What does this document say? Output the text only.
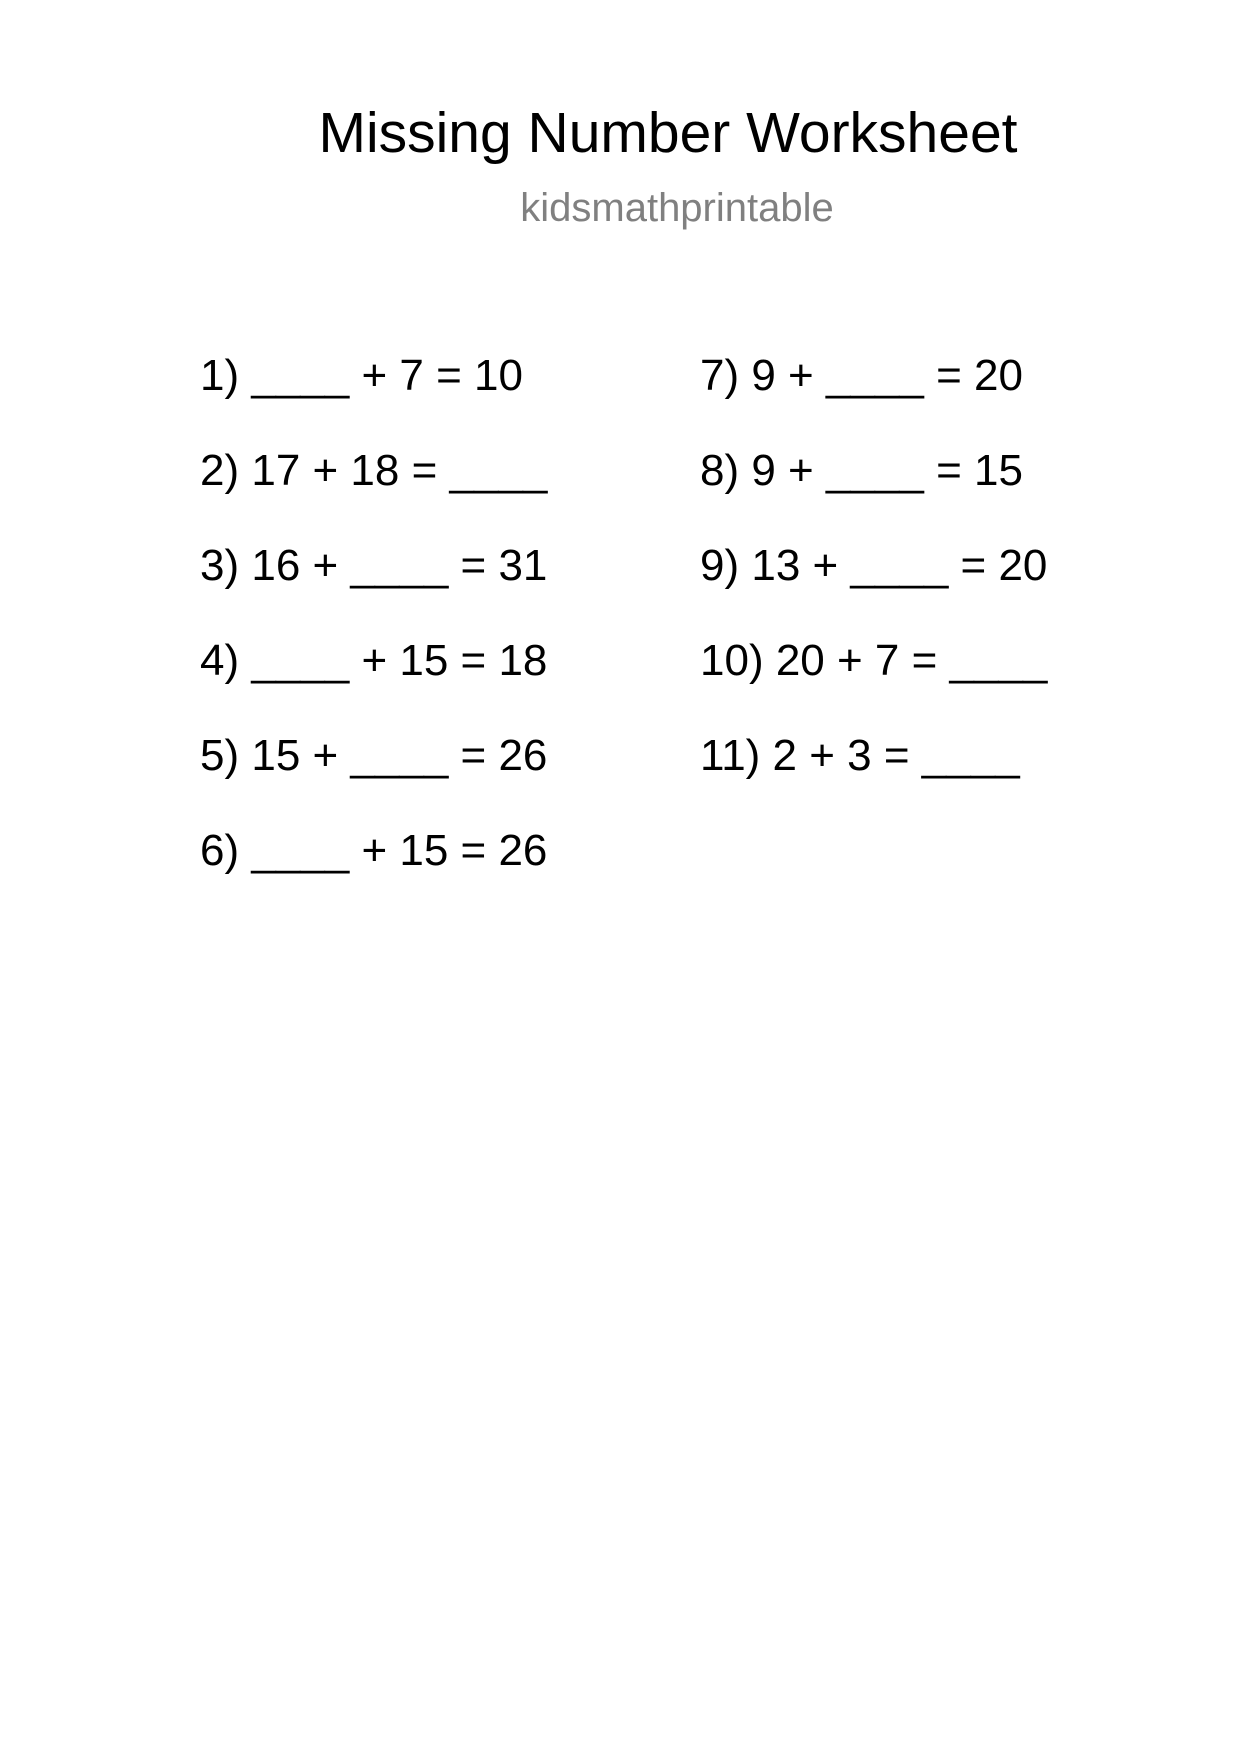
Missing Number Worksheet
kidsmathprintable
1) ____ + 7 = 10
2) 17 + 18 = ____
3) 16 + ____ = 31
4) ____ + 15 = 18
5) 15 + ____ = 26
6) ____ + 15 = 26
7) 9 + ____ = 20
8) 9 + ____ = 15
9) 13 + ____ = 20
10) 20 + 7 = ____
11) 2 + 3 = ____
